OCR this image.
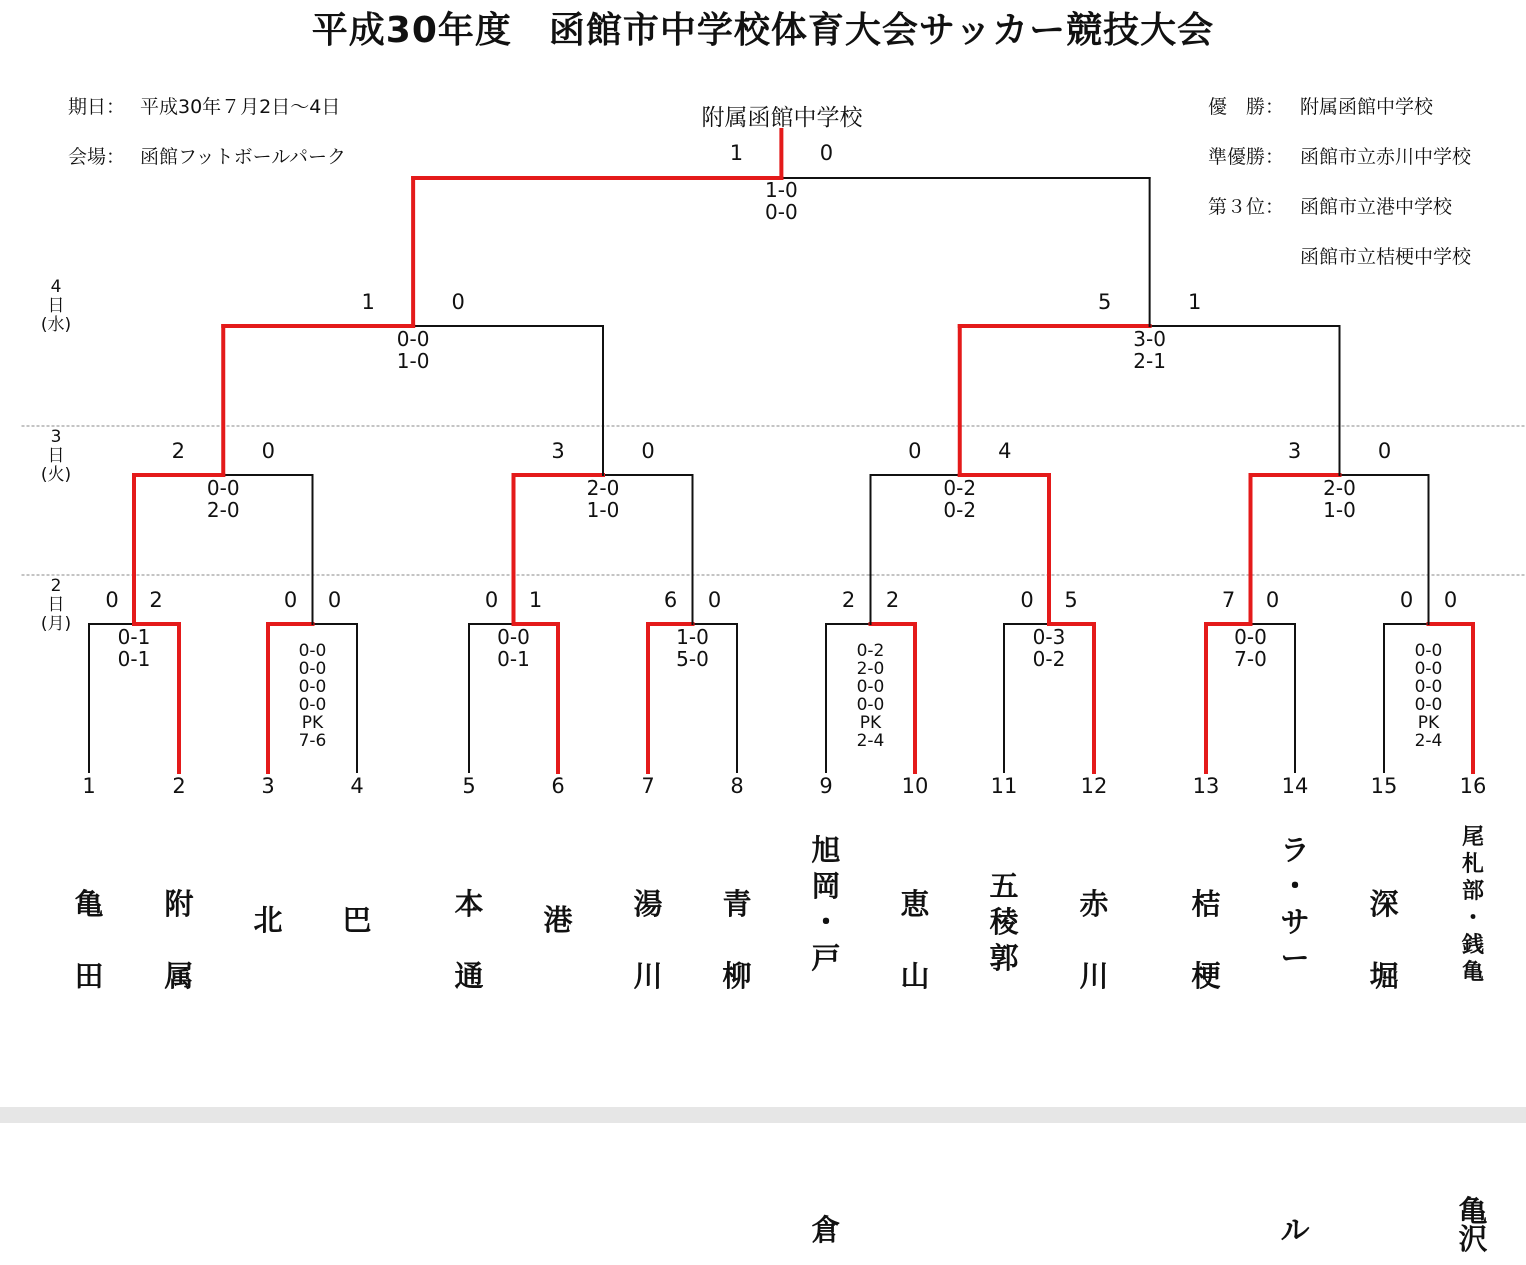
平成30年度　函館市中学校体育大会サッカー競技大会
期日： 平成30年７月2日～4日
会場： 函館フットボールパーク
優　勝： 附属函館中学校
準優勝： 函館市立赤川中学校
第３位： 函館市立港中学校
函館市立桔梗中学校
附属函館中学校
4
日
(水)
3
日
(火)
2
日
(月)
0	2
0-1
0-1
0	0
0-0
0-0
0-0
0-0
PK
7-6
0	1
0-0
0-1
6	0
1-0
5-0
2	2
0-2
2-0
0-0
0-0
PK
2-4
0	5
0-3
0-2
7	0
0-0
7-0
0	0
0-0
0-0
0-0
0-0
PK
2-4
2	0
0-0
2-0
3	0
2-0
1-0
0	4
0-2
0-2
3	0
2-0
1-0
1	0
0-0
1-0
5	1
3-0
2-1
1	0
1-0
0-0
1	2	3	4	5	6	7	8	9	10	11	12	13	14	15	16
亀
田
附
属
北 巴	本
通
港 湯
川
青
柳
旭
岡
・
戸
恵
山
五
稜
郭
赤
川
桔
梗
ラ
・
サ
ー
深
堀
尾
札
部
・
銭
亀
倉	ル
亀
沢
